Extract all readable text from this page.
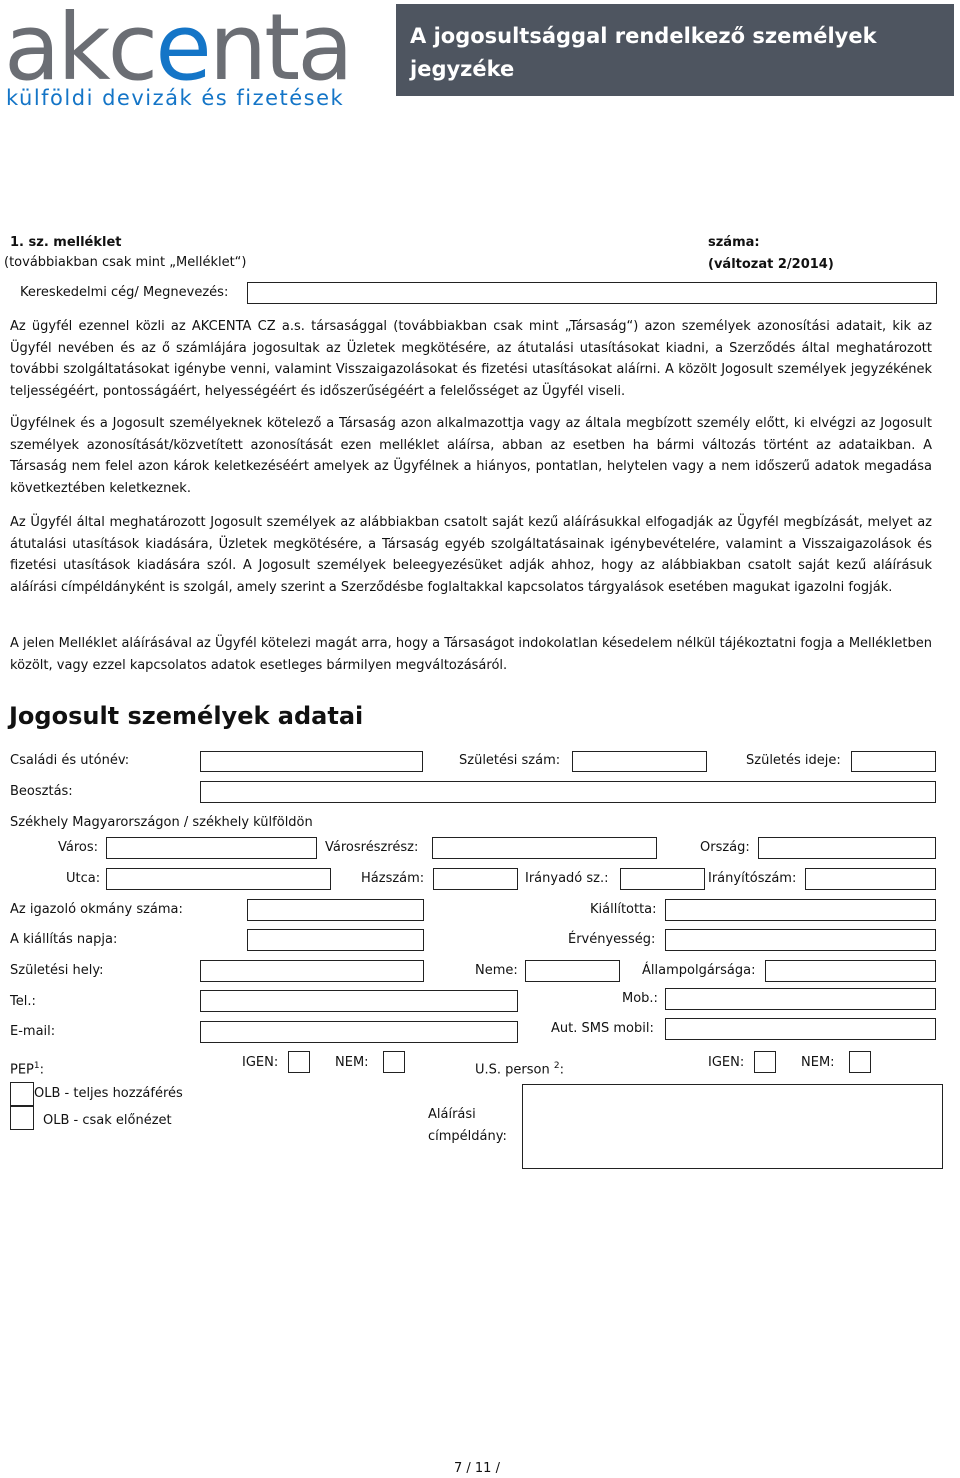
akcenta
külföldi devizák és fizetések
A jogosultsággal rendelkező személyek jegyzéke
1. sz. melléklet
(továbbiakban csak mint „Melléklet“)
száma:
(változat 2/2014)
Kereskedelmi cég/ Megnevezés:
Az ügyfél ezennel közli az AKCENTA CZ a.s. társasággal (továbbiakban csak mint „Társaság“) azon személyek azonosítási adatait, kik az Ügyfél nevében és az ő számlájára jogosultak az Üzletek megkötésére, az átutalási utasításokat kiadni, a Szerződés által meghatározott további szolgáltatásokat igénybe venni, valamint Visszaigazolásokat és fizetési utasításokat aláírni. A közölt Jogosult személyek jegyzékének teljességéért, pontosságáért, helyességéért és időszerűségéért a felelősséget az Ügyfél viseli.
Ügyfélnek és a Jogosult személyeknek kötelező a Társaság azon alkalmazottja vagy az általa megbízott személy előtt, ki elvégzi az Jogosult személyek azonosítását/közvetített azonosítását ezen melléklet aláírsa, abban az esetben ha bármi változás történt az adataikban. A Társaság nem felel azon károk keletkezéséért amelyek az Ügyfélnek a hiányos, pontatlan, helytelen vagy a nem időszerű adatok megadása következtében keletkeznek.
Az Ügyfél által meghatározott Jogosult személyek az alábbiakban csatolt saját kezű aláírásukkal elfogadják az Ügyfél megbízását, melyet az átutalási utasítások kiadására, Üzletek megkötésére, a Társaság egyéb szolgáltatásainak igénybevételére, valamint a Visszaigazolások és fizetési utasítások kiadására szól. A Jogosult személyek beleegyezésüket adják ahhoz, hogy az alábbiakban csatolt saját kezű aláírásuk aláírási címpéldányként is szolgál, amely szerint a Szerződésbe foglaltakkal kapcsolatos tárgyalások esetében magukat igazolni fogják.
A jelen Melléklet aláírásával az Ügyfél kötelezi magát arra, hogy a Társaságot indokolatlan késedelem nélkül tájékoztatni fogja a Mellékletben közölt, vagy ezzel kapcsolatos adatok esetleges bármilyen megváltozásáról.
Jogosult személyek adatai
Családi és utónév:	Születési szám:	Születés ideje:
Beosztás:
Székhely Magyarországon / székhely külföldön
Város:	Városrészrész:	Ország:
Utca:	Házszám:	Irányadó sz.:	Irányítószám:
Az igazoló okmány száma:	Kiállította:
A kiállítás napja:	Érvényesség:
Születési hely:	Neme:	Állampolgársága:
Tel.:	Mob.:
E-mail:	Aut. SMS mobil:
PEP$^1$:	IGEN:	NEM:	U.S. person $^2$:	IGEN:	NEM:
OLB - teljes hozzáférés
OLB - csak előnézet	Aláírási
címpéldány:
7 / 11 /
